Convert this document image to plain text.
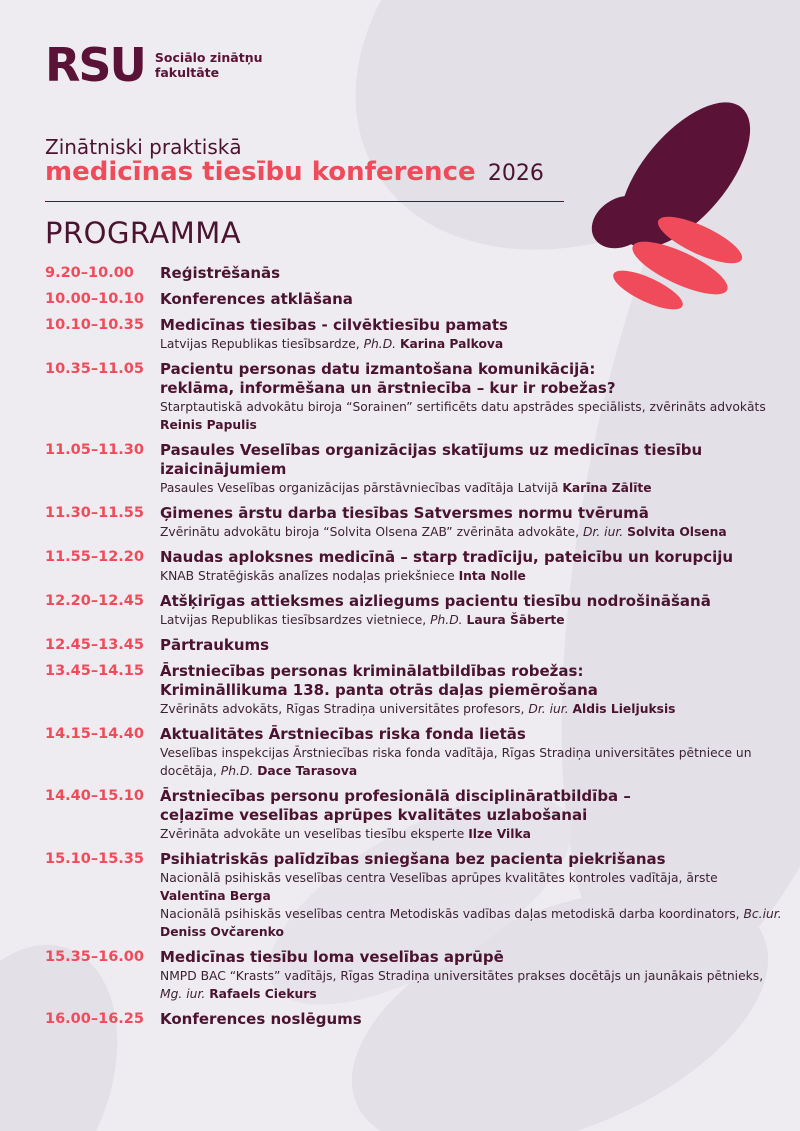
RSU Sociālo zinātņu fakultāte
Zinātniski praktiskā
medicīnas tiesību konference 2026
PROGRAMMA
9.20–10.00	Reģistrēšanās
10.00–10.10	Konferences atklāšana
10.10–10.35	Medicīnas tiesības - cilvēktiesību pamats
Latvijas Republikas tiesībsardze, Ph.D. Karina Palkova
10.35–11.05	Pacientu personas datu izmantošana komunikācijā:
reklāma, informēšana un ārstniecība – kur ir robežas?
Starptautiskā advokātu biroja “Sorainen” sertificēts datu apstrādes speciālists, zvērināts advokāts Reinis Papulis
11.05–11.30	Pasaules Veselības organizācijas skatījums uz medicīnas tiesību izaicinājumiem
Pasaules Veselības organizācijas pārstāvniecības vadītāja Latvijā Karīna Zālīte
11.30–11.55	Ģimenes ārstu darba tiesības Satversmes normu tvērumā
Zvērinātu advokātu biroja “Solvita Olsena ZAB” zvērināta advokāte, Dr. iur. Solvita Olsena
11.55–12.20	Naudas aploksnes medicīnā – starp tradīciju, pateicību un korupciju
KNAB Stratēģiskās analīzes nodaļas priekšniece Inta Nolle
12.20–12.45	Atšķirīgas attieksmes aizliegums pacientu tiesību nodrošināšanā
Latvijas Republikas tiesībsardzes vietniece, Ph.D. Laura Šāberte
12.45–13.45	Pārtraukums
13.45–14.15	Ārstniecības personas kriminālatbildības robežas:
Krimināllikuma 138. panta otrās daļas piemērošana
Zvērināts advokāts, Rīgas Stradiņa universitātes profesors, Dr. iur. Aldis Lieljuksis
14.15–14.40	Aktualitātes Ārstniecības riska fonda lietās
Veselības inspekcijas Ārstniecības riska fonda vadītāja, Rīgas Stradiņa universitātes pētniece un docētāja, Ph.D. Dace Tarasova
14.40–15.10	Ārstniecības personu profesionālā disciplināratbildība –
ceļazīme veselības aprūpes kvalitātes uzlabošanai
Zvērināta advokāte un veselības tiesību eksperte Ilze Vilka
15.10–15.35	Psihiatriskās palīdzības sniegšana bez pacienta piekrišanas
Nacionālā psihiskās veselības centra Veselības aprūpes kvalitātes kontroles vadītāja, ārste Valentīna Berga
Nacionālā psihiskās veselības centra Metodiskās vadības daļas metodiskā darba koordinators, Bc.iur. Deniss Ovčarenko
15.35–16.00	Medicīnas tiesību loma veselības aprūpē
NMPD BAC “Krasts” vadītājs, Rīgas Stradiņa universitātes prakses docētājs un jaunākais pētnieks, Mg. iur. Rafaels Ciekurs
16.00–16.25	Konferences noslēgums
